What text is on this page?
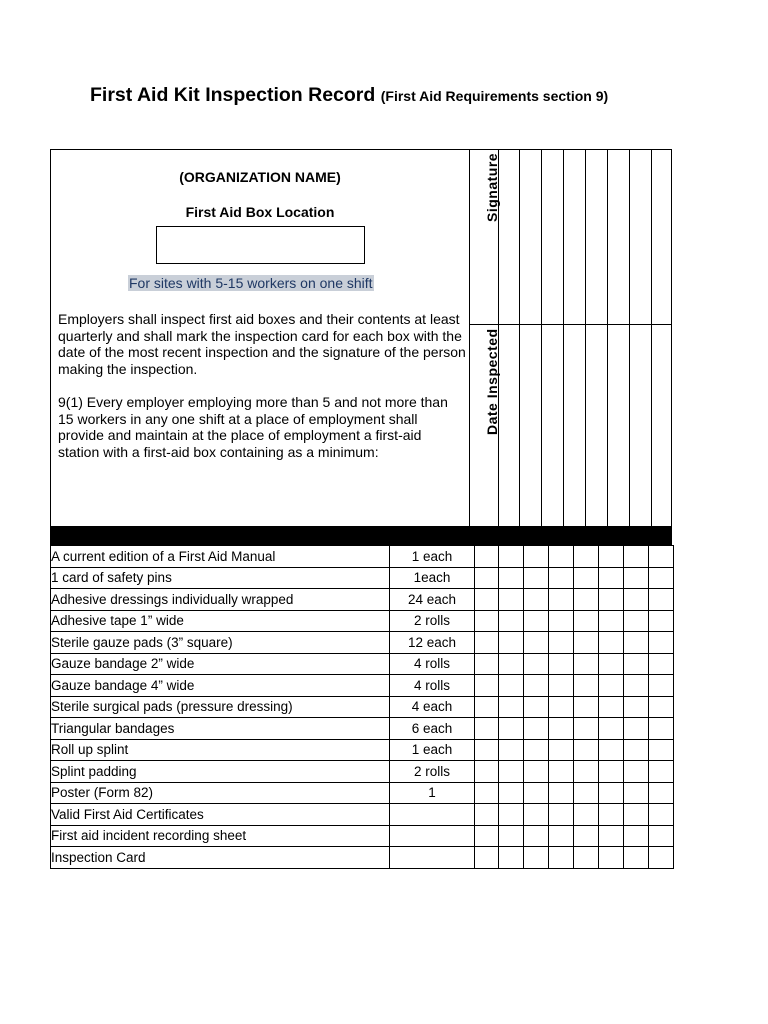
First Aid Kit Inspection Record (First Aid Requirements section 9)
(ORGANIZATION NAME)
First Aid Box Location
For sites with 5-15 workers on one shift
Employers shall inspect first aid boxes and their contents at least quarterly and shall mark the inspection card for each box with the date of the most recent inspection and the signature of the person making the inspection.
9(1) Every employer employing more than 5 and not more than 15 workers in any one shift at a place of employment shall provide and maintain at the place of employment a first-aid station with a first-aid box containing as a minimum:
Signature
Date Inspected
A current edition of a First Aid Manual	1 each								
1 card of safety pins	1each								
Adhesive dressings individually wrapped	24 each								
Adhesive tape 1” wide	2 rolls								
Sterile gauze pads (3” square)	12 each								
Gauze bandage 2” wide	4 rolls								
Gauze bandage 4” wide	4 rolls								
Sterile surgical pads (pressure dressing)	4 each								
Triangular bandages	6 each								
Roll up splint	1 each								
Splint padding	2 rolls								
Poster (Form 82)	1								
Valid First Aid Certificates									
First aid incident recording sheet									
Inspection Card									
